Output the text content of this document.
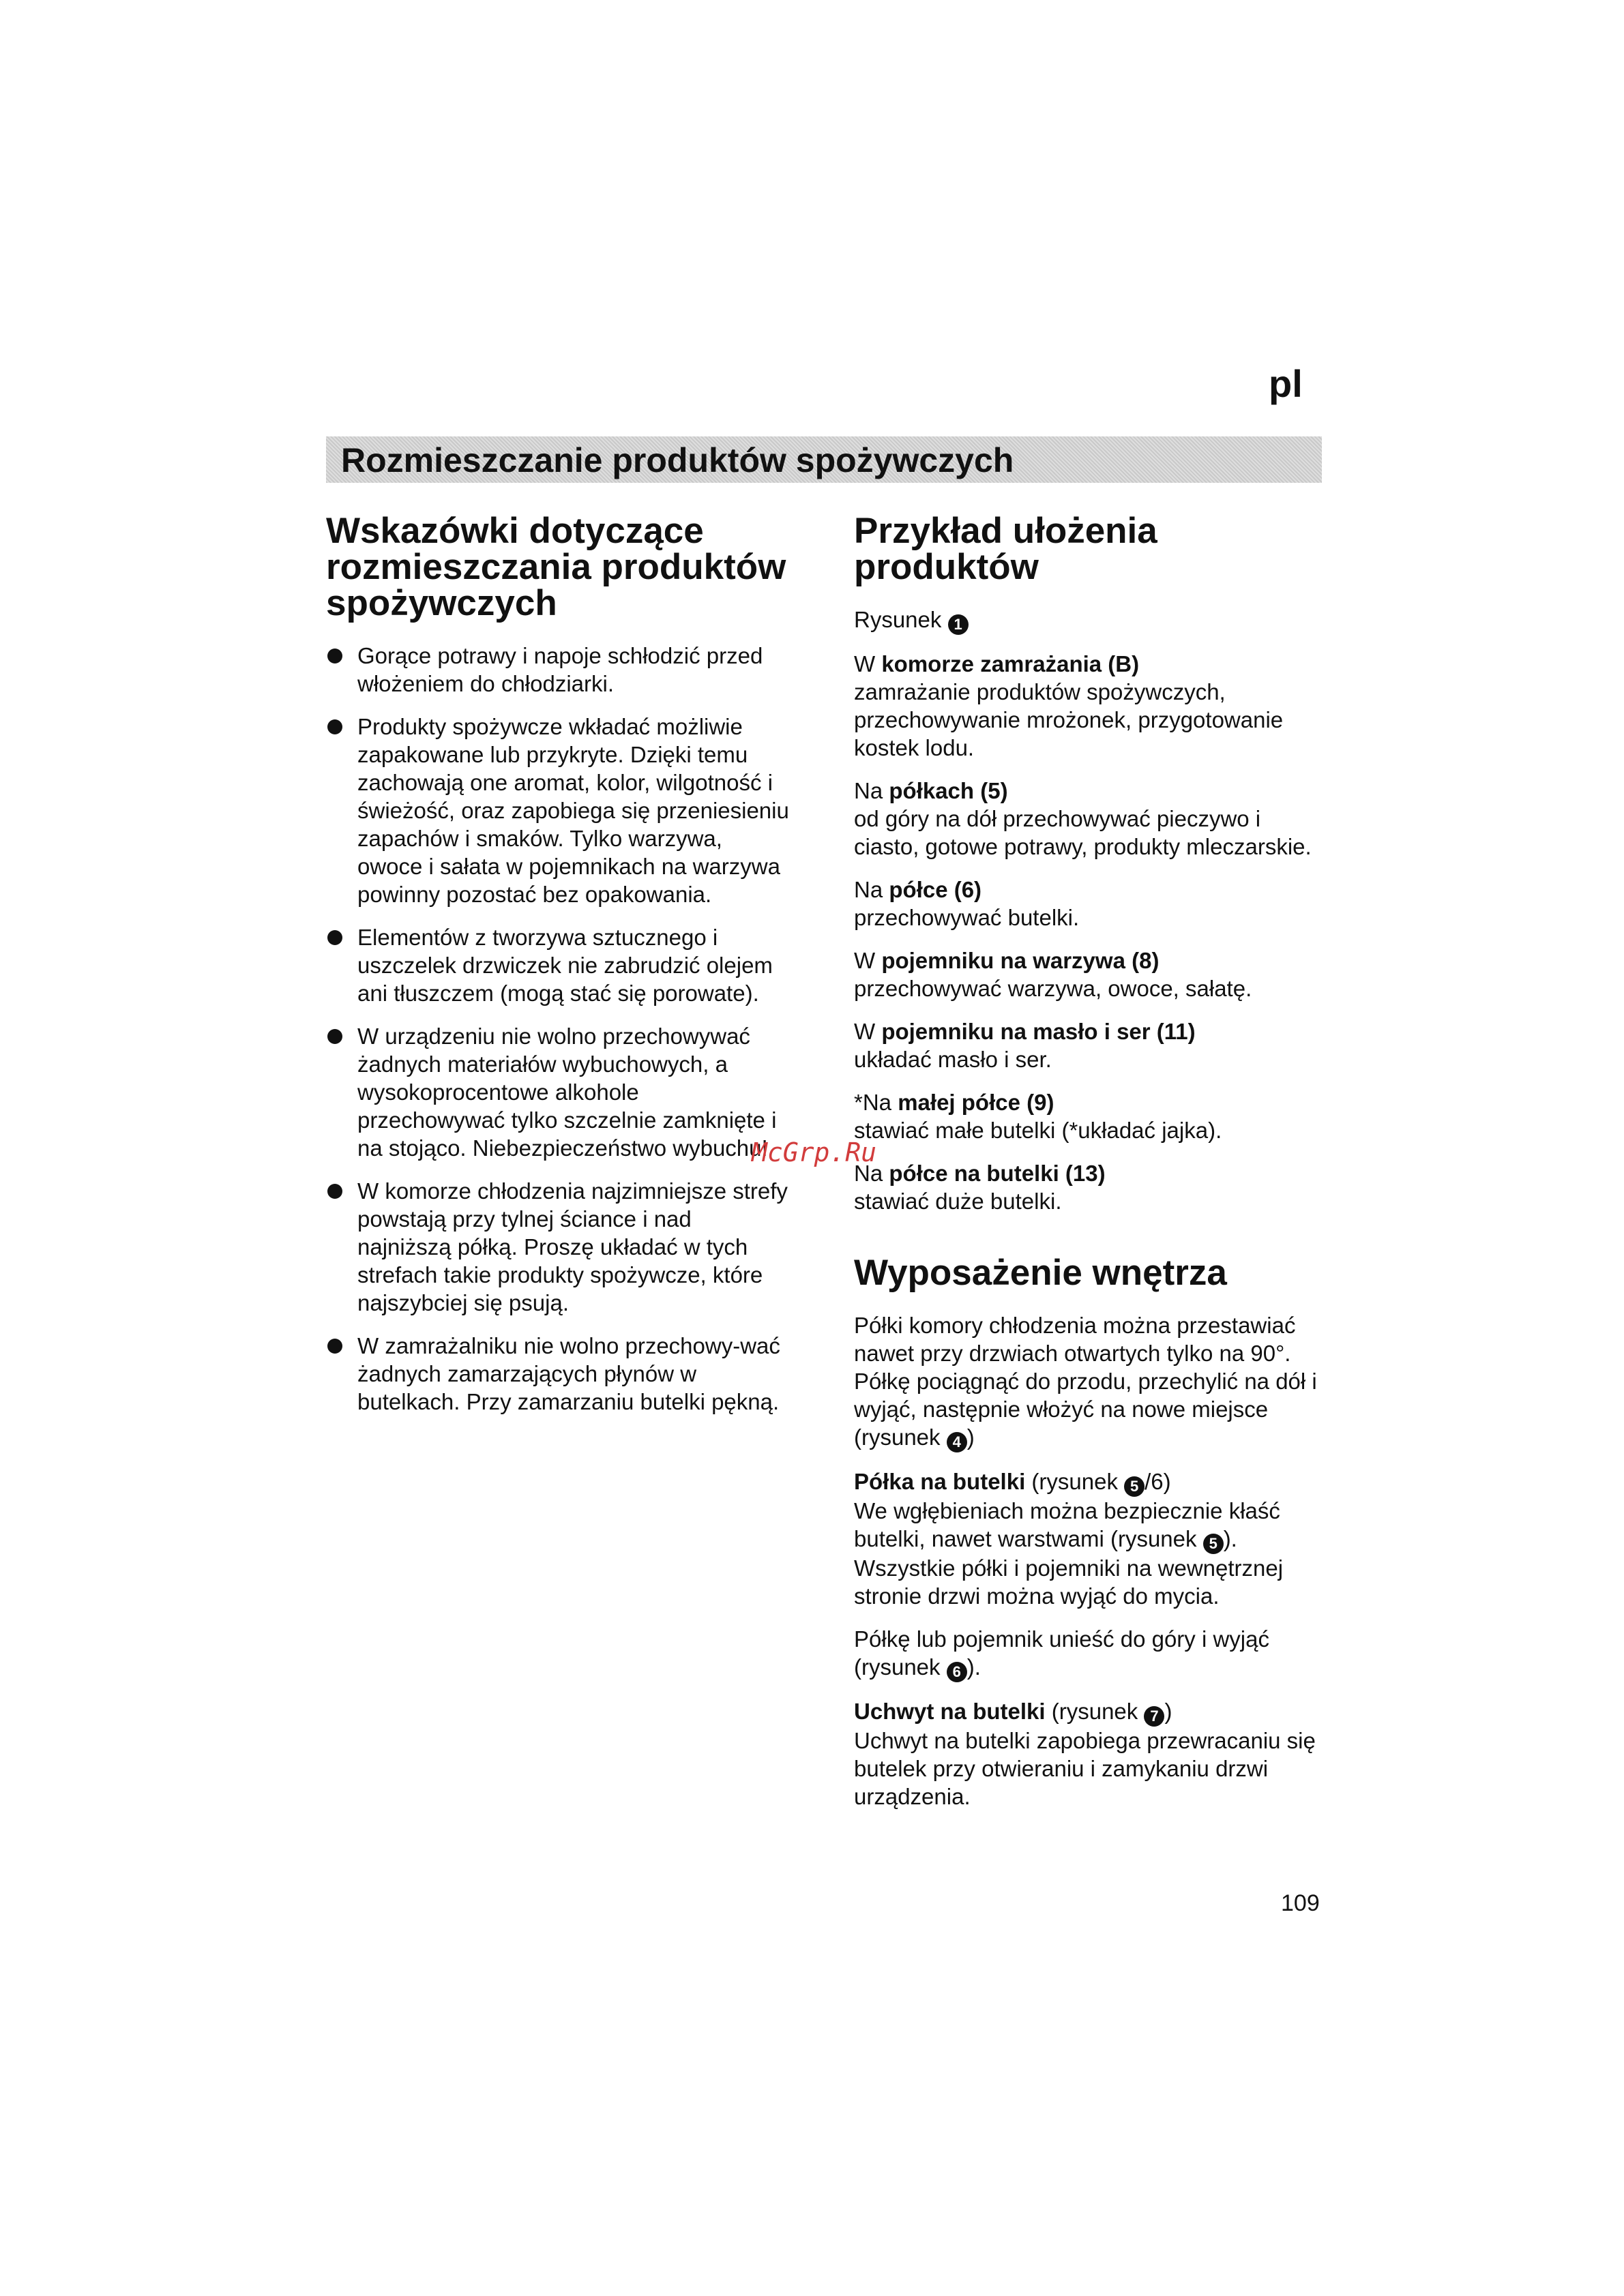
pl
Rozmieszczanie produktów spożywczych
Wskazówki dotyczące rozmieszczania produktów spożywczych
Gorące potrawy i napoje schłodzić przed włożeniem do chłodziarki.
Produkty spożywcze wkładać możliwie zapakowane lub przykryte. Dzięki temu zachowają one aromat, kolor, wilgotność i świeżość, oraz zapobiega się przeniesieniu zapachów i smaków. Tylko warzywa, owoce i sałata w pojemnikach na warzywa powinny pozostać bez opakowania.
Elementów z tworzywa sztucznego i uszczelek drzwiczek nie zabrudzić olejem ani tłuszczem (mogą stać się porowate).
W urządzeniu nie wolno przechowywać żadnych materiałów wybuchowych, a wysokoprocentowe alkohole przechowywać tylko szczelnie zamknięte i na stojąco. Niebezpieczeństwo wybuchu!
W komorze chłodzenia najzimniejsze strefy powstają przy tylnej ściance i nad najniższą półką. Proszę układać w tych strefach takie produkty spożywcze, które najszybciej się psują.
W zamrażalniku nie wolno przechowy-wać żadnych zamarzających płynów w butelkach. Przy zamarzaniu butelki pękną.
Przykład ułożenia produktów

Rysunek 1

W komorze zamrażania (B)
zamrażanie produktów spożywczych, przechowywanie mrożonek, przygotowanie kostek lodu.

Na półkach (5)
od góry na dół przechowywać pieczywo i ciasto, gotowe potrawy, produkty mleczarskie.

Na półce (6)
przechowywać butelki.

W pojemniku na warzywa (8)
przechowywać warzywa, owoce, sałatę.

W pojemniku na masło i ser (11)
układać masło i ser.

*Na małej półce (9)
stawiać małe butelki (*układać jajka).

Na półce na butelki (13)
stawiać duże butelki.

Wyposażenie wnętrza

Półki komory chłodzenia można przestawiać nawet przy drzwiach otwartych tylko na 90°. Półkę pociągnąć do przodu, przechylić na dół i wyjąć, następnie włożyć na nowe miejsce (rysunek 4 )

Półka na butelki (rysunek 5 /6)
We wgłębieniach można bezpiecznie kłaść butelki, nawet warstwami (rysunek 5 ). Wszystkie półki i pojemniki na wewnętrznej stronie drzwi można wyjąć do mycia.

Półkę lub pojemnik unieść do góry i wyjąć (rysunek 6 ).

Uchwyt na butelki (rysunek 7 )
Uchwyt na butelki zapobiega przewracaniu się butelek przy otwieraniu i zamykaniu drzwi urządzenia.

McGrp.Ru
109
